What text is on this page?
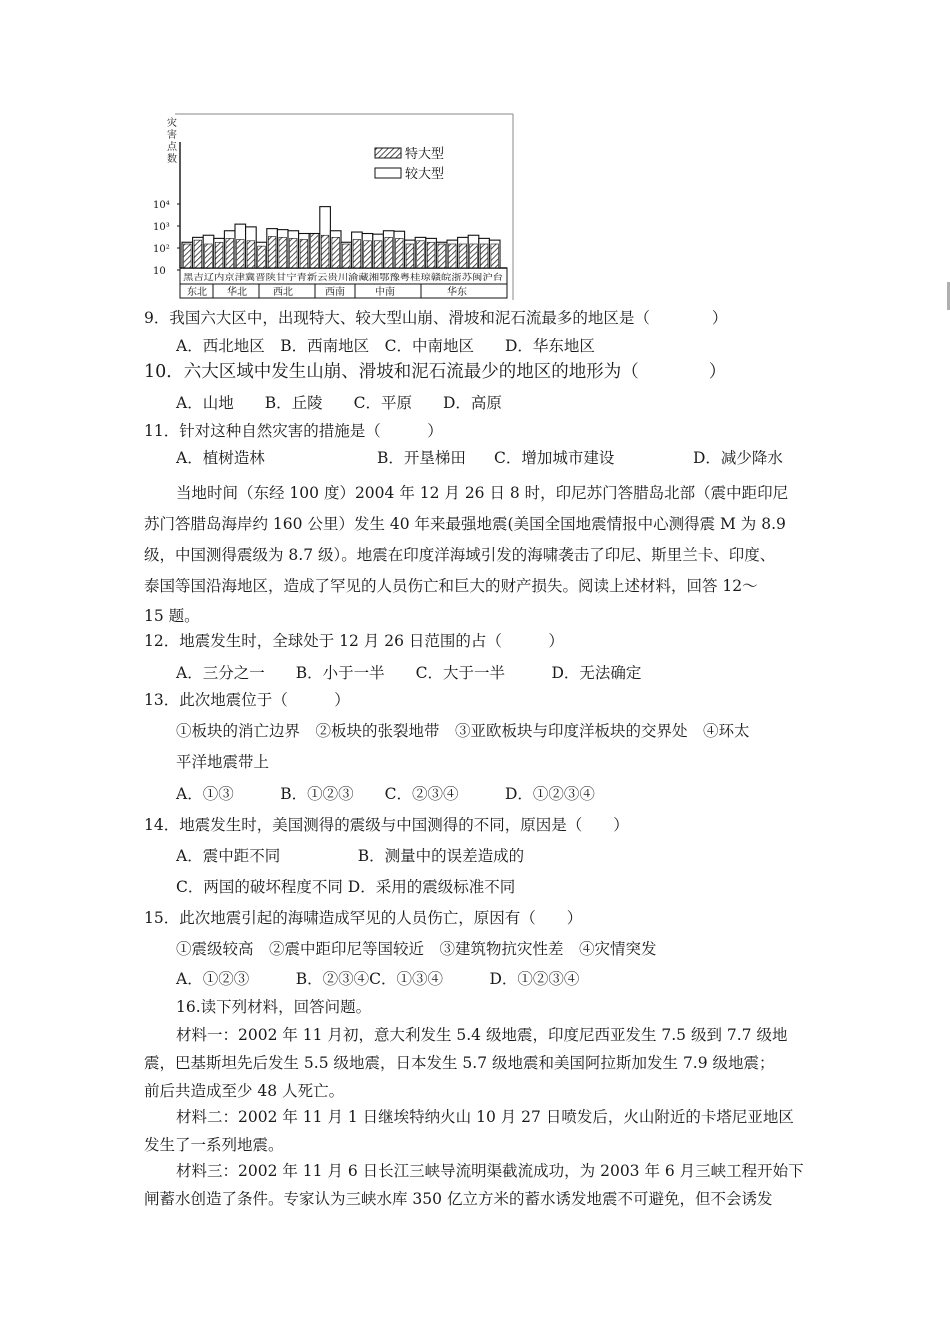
灾害点数
10⁴
10³
10²
10
特大型
较大型
黑吉辽内京津冀晋陕甘宁青新云贵川渝藏湘鄂豫粤桂琼赣皖浙苏闽沪台
东北 华北	西北	西南	中南	华东
9．我国六大区中，出现特大、较大型山崩、滑坡和泥石流最多的地区是（　　　　）
A．西北地区　B．西南地区　C．中南地区　　D．华东地区
10．六大区域中发生山崩、滑坡和泥石流最少的地区的地形为（　　　　）
A．山地　　B．丘陵　　C．平原　　D．高原
11．针对这种自然灾害的措施是（　　　）
A．植树造林	B．开垦梯田 C．增加城市建设	D．减少降水
当地时间（东经 100 度）2004 年 12 月 26 日 8 时，印尼苏门答腊岛北部（震中距印尼
苏门答腊岛海岸约 160 公里）发生 40 年来最强地震(美国全国地震情报中心测得震 M 为 8.9
级，中国测得震级为 8.7 级）。地震在印度洋海域引发的海啸袭击了印尼、斯里兰卡、印度、
泰国等国沿海地区，造成了罕见的人员伤亡和巨大的财产损失。阅读上述材料，回答 12～
15 题。
12．地震发生时，全球处于 12 月 26 日范围的占（　　　）
A．三分之一　　B．小于一半　　C．大于一半　　　D．无法确定
13．此次地震位于（　　　）
①板块的消亡边界　②板块的张裂地带　③亚欧板块与印度洋板块的交界处　④环太
平洋地震带上
A．①③　　　B．①②③　　C．②③④　　　D．①②③④
14．地震发生时，美国测得的震级与中国测得的不同，原因是（　　）
A．震中距不同　　　　　B．测量中的误差造成的
C．两国的破坏程度不同 D．采用的震级标准不同
15．此次地震引起的海啸造成罕见的人员伤亡，原因有（　　）
①震级较高　②震中距印尼等国较近　③建筑物抗灾性差　④灾情突发
A．①②③　　　B．②③④C．①③④　　　D．①②③④
16.读下列材料，回答问题。
材料一：2002 年 11 月初，意大利发生 5.4 级地震，印度尼西亚发生 7.5 级到 7.7 级地
震，巴基斯坦先后发生 5.5 级地震，日本发生 5.7 级地震和美国阿拉斯加发生 7.9 级地震；
前后共造成至少 48 人死亡。
材料二：2002 年 11 月 1 日继埃特纳火山 10 月 27 日喷发后，火山附近的卡塔尼亚地区
发生了一系列地震。
材料三：2002 年 11 月 6 日长江三峡导流明渠截流成功，为 2003 年 6 月三峡工程开始下
闸蓄水创造了条件。专家认为三峡水库 350 亿立方米的蓄水诱发地震不可避免，但不会诱发
